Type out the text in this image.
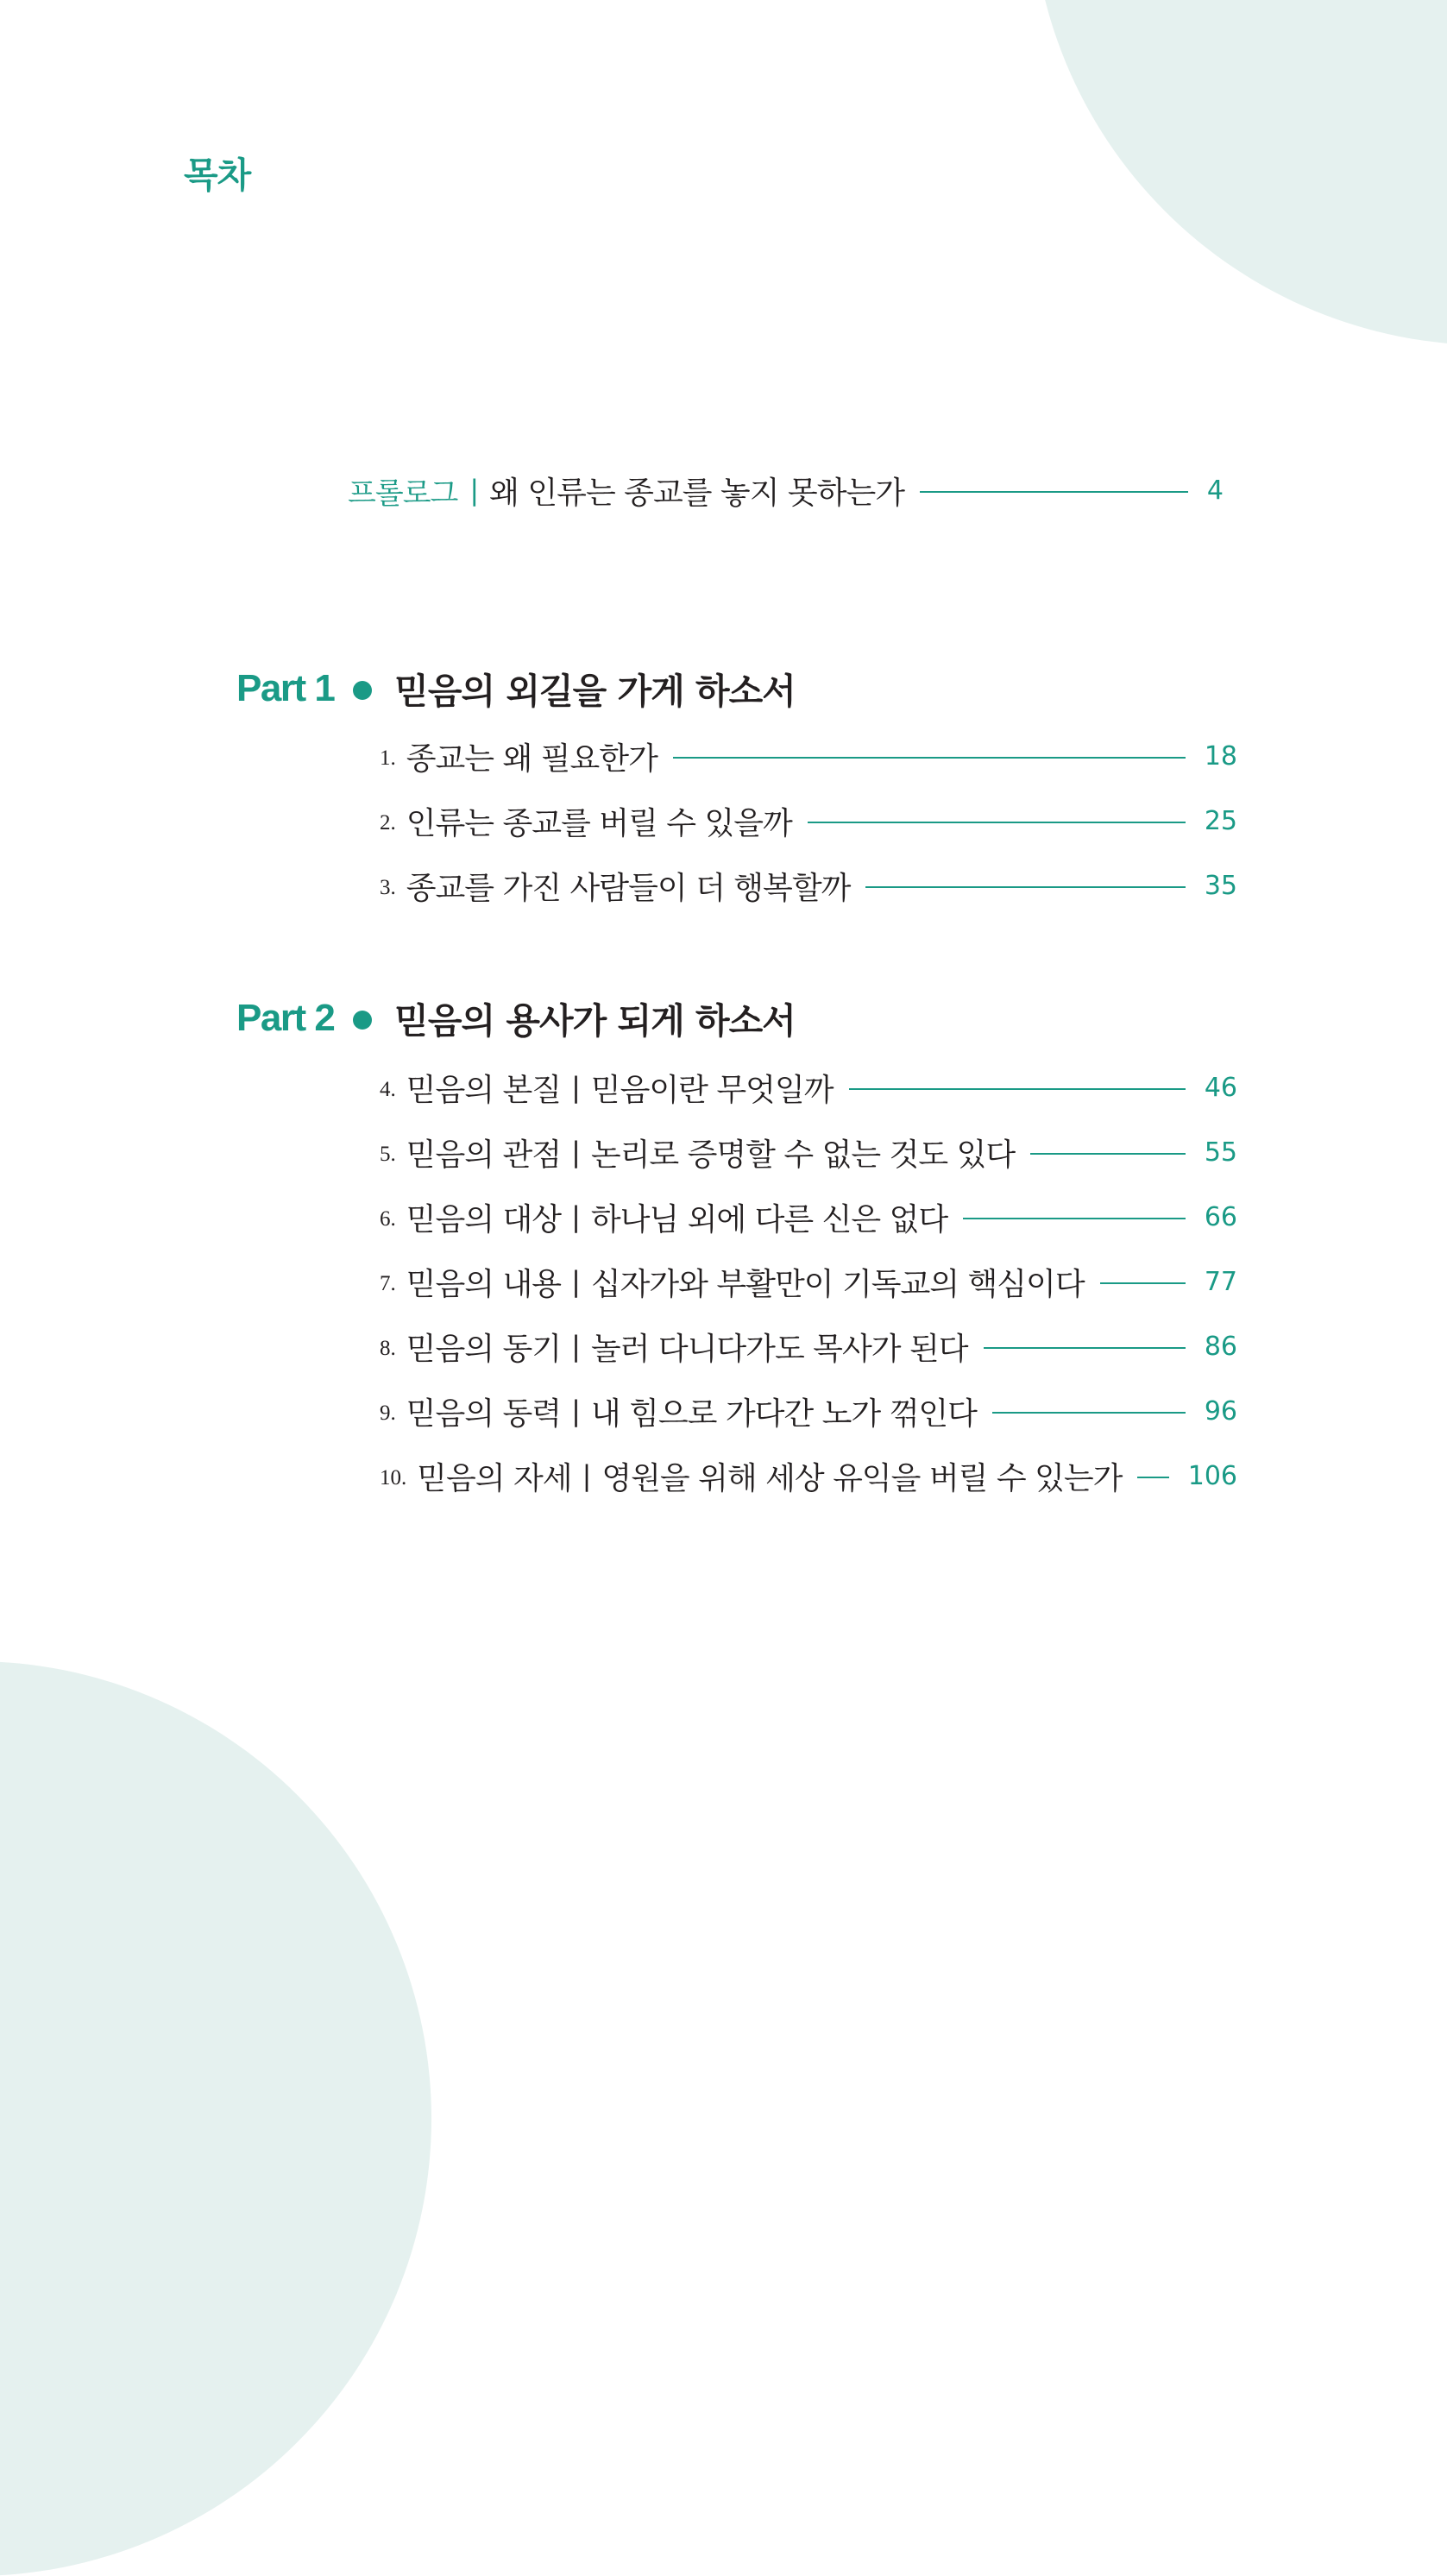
목차
프롤로그 | 왜 인류는 종교를 놓지 못하는가	4
Part 1 믿음의 외길을 가게 하소서
1. 종교는 왜 필요한가	18
2. 인류는 종교를 버릴 수 있을까	25
3. 종교를 가진 사람들이 더 행복할까	35
Part 2 믿음의 용사가 되게 하소서
4. 믿음의 본질 | 믿음이란 무엇일까	46
5. 믿음의 관점 | 논리로 증명할 수 없는 것도 있다	55
6. 믿음의 대상 | 하나님 외에 다른 신은 없다	66
7. 믿음의 내용 | 십자가와 부활만이 기독교의 핵심이다	77
8. 믿음의 동기 | 놀러 다니다가도 목사가 된다	86
9. 믿음의 동력 | 내 힘으로 가다간 노가 꺾인다	96
10. 믿음의 자세 | 영원을 위해 세상 유익을 버릴 수 있는가	106
